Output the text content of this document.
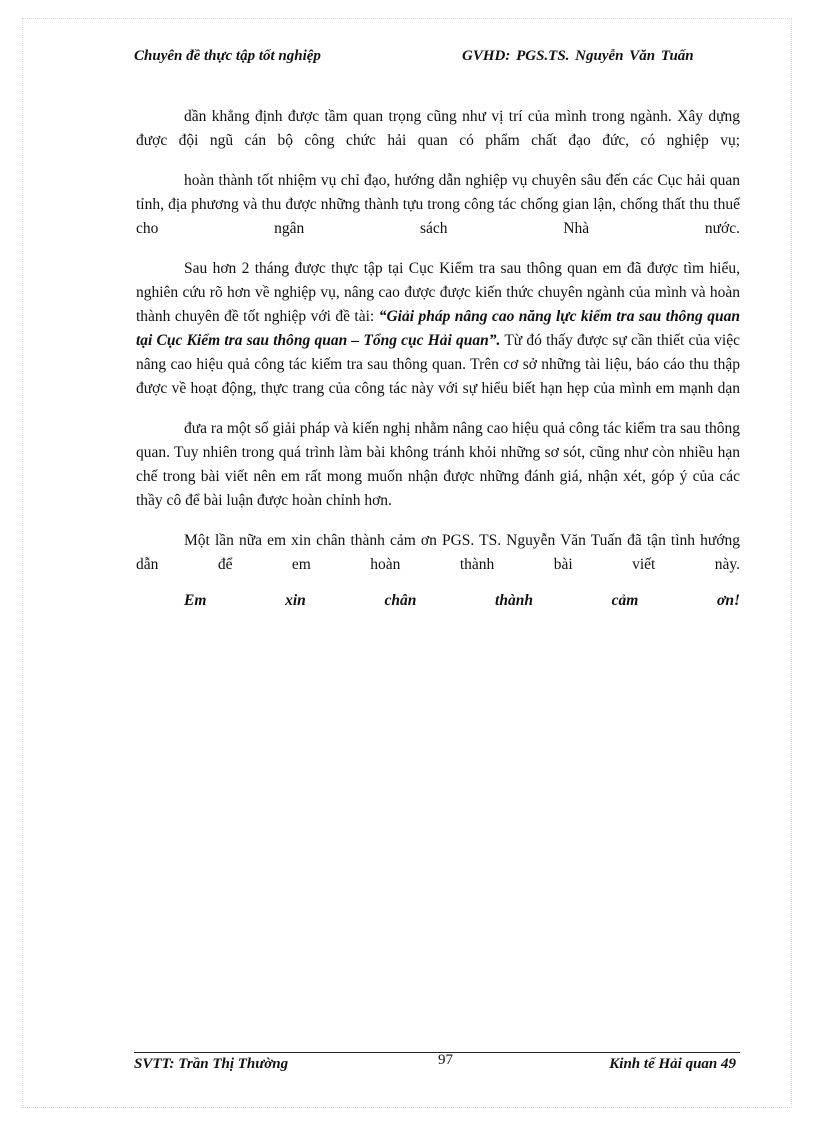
Chuyên đề thực tập tốt nghiệp	GVHD: PGS.TS. Nguyễn Văn Tuấn

dần khẳng định được tầm quan trọng cũng như vị trí của mình trong ngành. Xây dựng được đội ngũ cán bộ công chức hải quan có phẩm chất đạo đức, có nghiệp vụ;

hoàn thành tốt nhiệm vụ chỉ đạo, hướng dẫn nghiệp vụ chuyên sâu đến các Cục hải quan tỉnh, địa phương và thu được những thành tựu trong công tác chống gian lận, chống thất thu thuế cho ngân sách Nhà nước.

Sau hơn 2 tháng được thực tập tại Cục Kiểm tra sau thông quan em đã được tìm hiểu, nghiên cứu rõ hơn về nghiệp vụ, nâng cao được được kiến thức chuyên ngành của mình và hoàn thành chuyên đề tốt nghiệp với đề tài: “Giải pháp nâng cao năng lực kiểm tra sau thông quan tại Cục Kiểm tra sau thông quan – Tổng cục Hải quan”. Từ đó thấy được sự cần thiết của việc nâng cao hiệu quả công tác kiếm tra sau thông quan. Trên cơ sở những tài liệu, báo cáo thu thập được về hoạt động, thực trang của công tác này với sự hiểu biết hạn hẹp của mình em mạnh dạn

đưa ra một số giải pháp và kiến nghị nhằm nâng cao hiệu quả công tác kiểm tra sau thông quan. Tuy nhiên trong quá trình làm bài không tránh khỏi những sơ sót, cũng như còn nhiều hạn chế trong bài viết nên em rất mong muốn nhận được những đánh giá, nhận xét, góp ý của các thầy cô để bài luận được hoàn chỉnh hơn.

Một lần nữa em xin chân thành cảm ơn PGS. TS. Nguyễn Văn Tuấn đã tận tình hướng dẫn để em hoàn thành bài viết này.

Em xin chân thành cảm ơn!

SVTT: Trần Thị Thường	97	Kinh tế Hải quan 49
